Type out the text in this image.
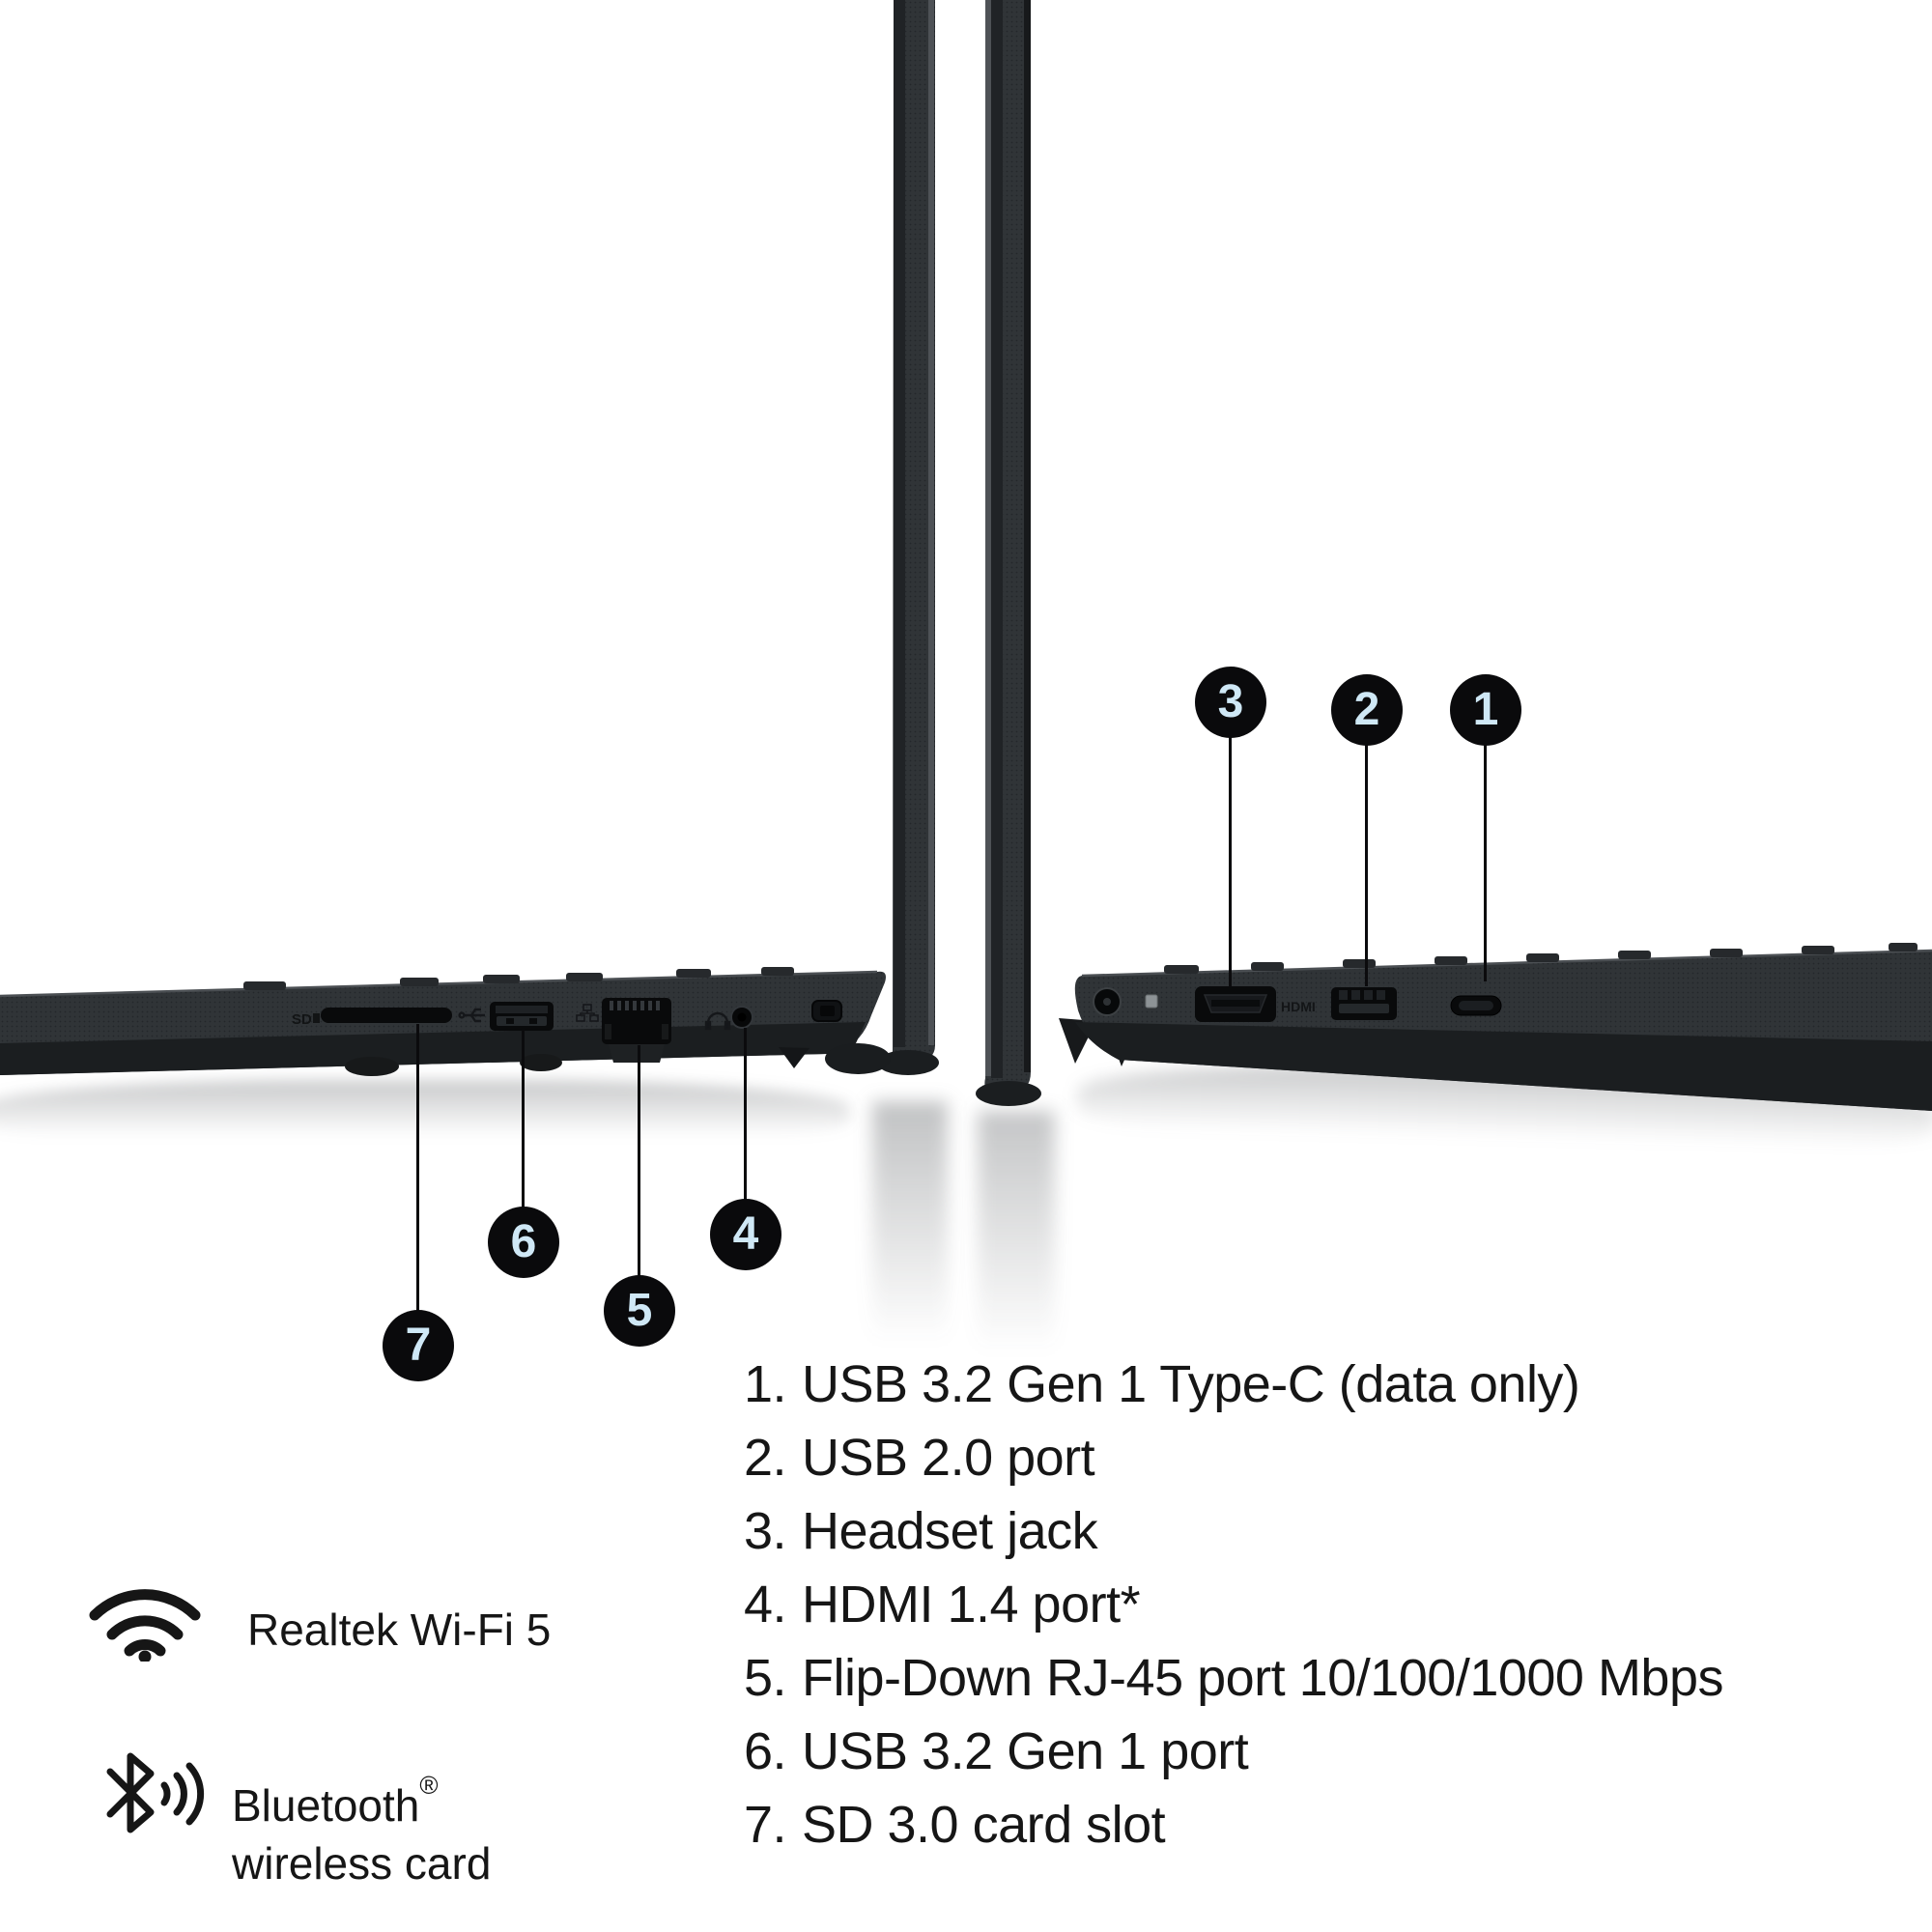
SD
HDMI
1
2
3
4
5
6
7
1. USB 3.2 Gen 1 Type-C (data only)
2. USB 2.0 port
3. Headset jack
4. HDMI 1.4 port*
5. Flip-Down RJ-45 port 10/100/1000 Mbps
6. USB 3.2 Gen 1 port
7. SD 3.0 card slot
Realtek Wi-Fi 5
Bluetooth®
wireless card
